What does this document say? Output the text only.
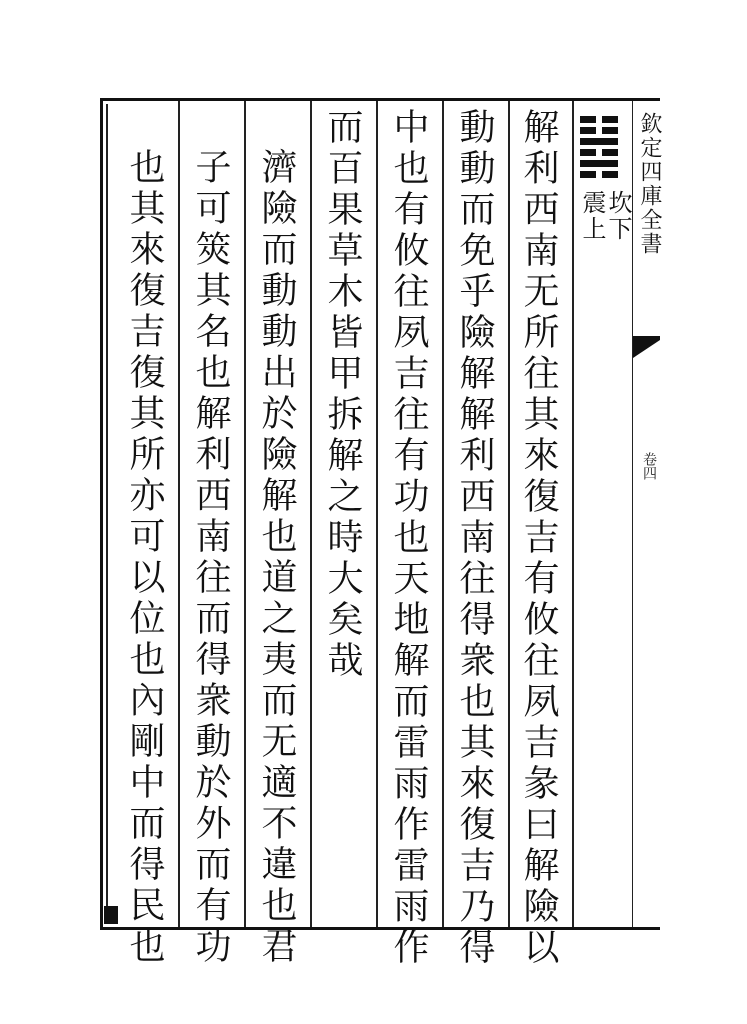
欽定四庫全書
卷四
坎下
震上
解利西南无所往其來復吉有攸往夙吉彖曰解險以
動動而免乎險解解利西南往得衆也其來復吉乃得
中也有攸往夙吉往有功也天地解而雷雨作雷雨作
而百果草木皆甲拆解之時大矣哉
濟險而動動出於險解也道之夷而无適不違也君
子可筴其名也解利西南往而得衆動於外而有功
也其來復吉復其所亦可以位也內剛中而得民也
